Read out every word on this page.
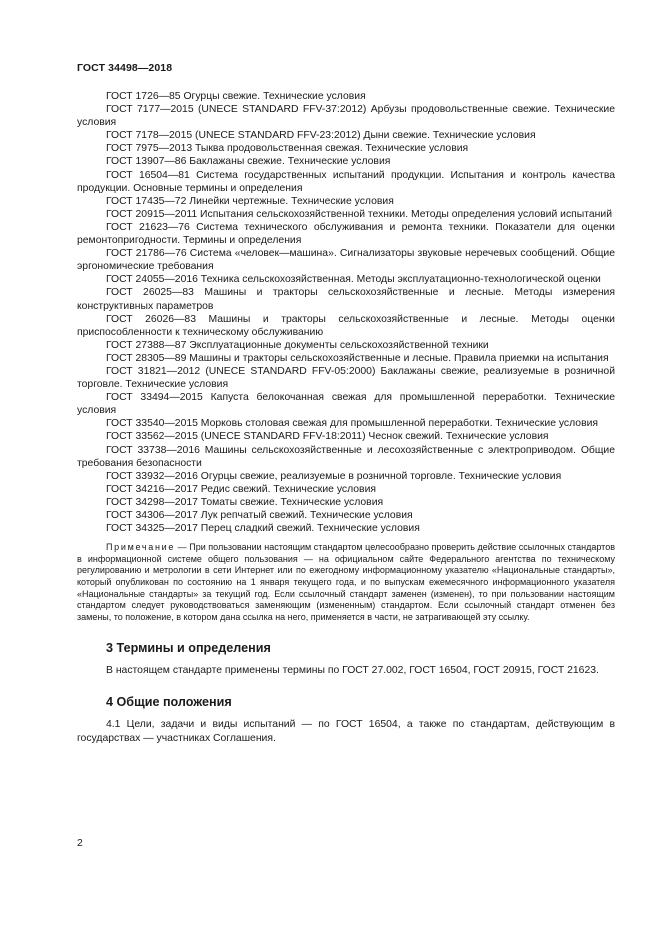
ГОСТ 34498—2018

ГОСТ 1726—85 Огурцы свежие. Технические условия

ГОСТ 7177—2015 (UNECE STANDARD FFV-37:2012) Арбузы продовольственные свежие. Технические условия

ГОСТ 7178—2015 (UNECE STANDARD FFV-23:2012) Дыни свежие. Технические условия

ГОСТ 7975—2013 Тыква продовольственная свежая. Технические условия

ГОСТ 13907—86 Баклажаны свежие. Технические условия

ГОСТ 16504—81 Система государственных испытаний продукции. Испытания и контроль качества продукции. Основные термины и определения

ГОСТ 17435—72 Линейки чертежные. Технические условия

ГОСТ 20915—2011 Испытания сельскохозяйственной техники. Методы определения условий испытаний

ГОСТ 21623—76 Система технического обслуживания и ремонта техники. Показатели для оценки ремонтопригодности. Термины и определения

ГОСТ 21786—76 Система «человек—машина». Сигнализаторы звуковые неречевых сообщений. Общие эргономические требования

ГОСТ 24055—2016 Техника сельскохозяйственная. Методы эксплуатационно-технологической оценки

ГОСТ 26025—83 Машины и тракторы сельскохозяйственные и лесные. Методы измерения конструктивных параметров

ГОСТ 26026—83 Машины и тракторы сельскохозяйственные и лесные. Методы оценки приспособленности к техническому обслуживанию

ГОСТ 27388—87 Эксплуатационные документы сельскохозяйственной техники

ГОСТ 28305—89 Машины и тракторы сельскохозяйственные и лесные. Правила приемки на испытания

ГОСТ 31821—2012 (UNECE STANDARD FFV-05:2000) Баклажаны свежие, реализуемые в розничной торговле. Технические условия

ГОСТ 33494—2015 Капуста белокочанная свежая для промышленной переработки. Технические условия

ГОСТ 33540—2015 Морковь столовая свежая для промышленной переработки. Технические условия

ГОСТ 33562—2015 (UNECE STANDARD FFV-18:2011) Чеснок свежий. Технические условия

ГОСТ 33738—2016 Машины сельскохозяйственные и лесохозяйственные с электроприводом. Общие требования безопасности

ГОСТ 33932—2016 Огурцы свежие, реализуемые в розничной торговле. Технические условия

ГОСТ 34216—2017 Редис свежий. Технические условия

ГОСТ 34298—2017 Томаты свежие. Технические условия

ГОСТ 34306—2017 Лук репчатый свежий. Технические условия

ГОСТ 34325—2017 Перец сладкий свежий. Технические условия

Примечание — При пользовании настоящим стандартом целесообразно проверить действие ссылочных стандартов в информационной системе общего пользования — на официальном сайте Федерального агентства по техническому регулированию и метрологии в сети Интернет или по ежегодному информационному указателю «Национальные стандарты», который опубликован по состоянию на 1 января текущего года, и по выпускам ежемесячного информационного указателя «Национальные стандарты» за текущий год. Если ссылочный стандарт заменен (изменен), то при пользовании настоящим стандартом следует руководствоваться заменяющим (измененным) стандартом. Если ссылочный стандарт отменен без замены, то положение, в котором дана ссылка на него, применяется в части, не затрагивающей эту ссылку.

3 Термины и определения

В настоящем стандарте применены термины по ГОСТ 27.002, ГОСТ 16504, ГОСТ 20915, ГОСТ 21623.

4 Общие положения

4.1 Цели, задачи и виды испытаний — по ГОСТ 16504, а также по стандартам, действующим в государствах — участниках Соглашения.

2
